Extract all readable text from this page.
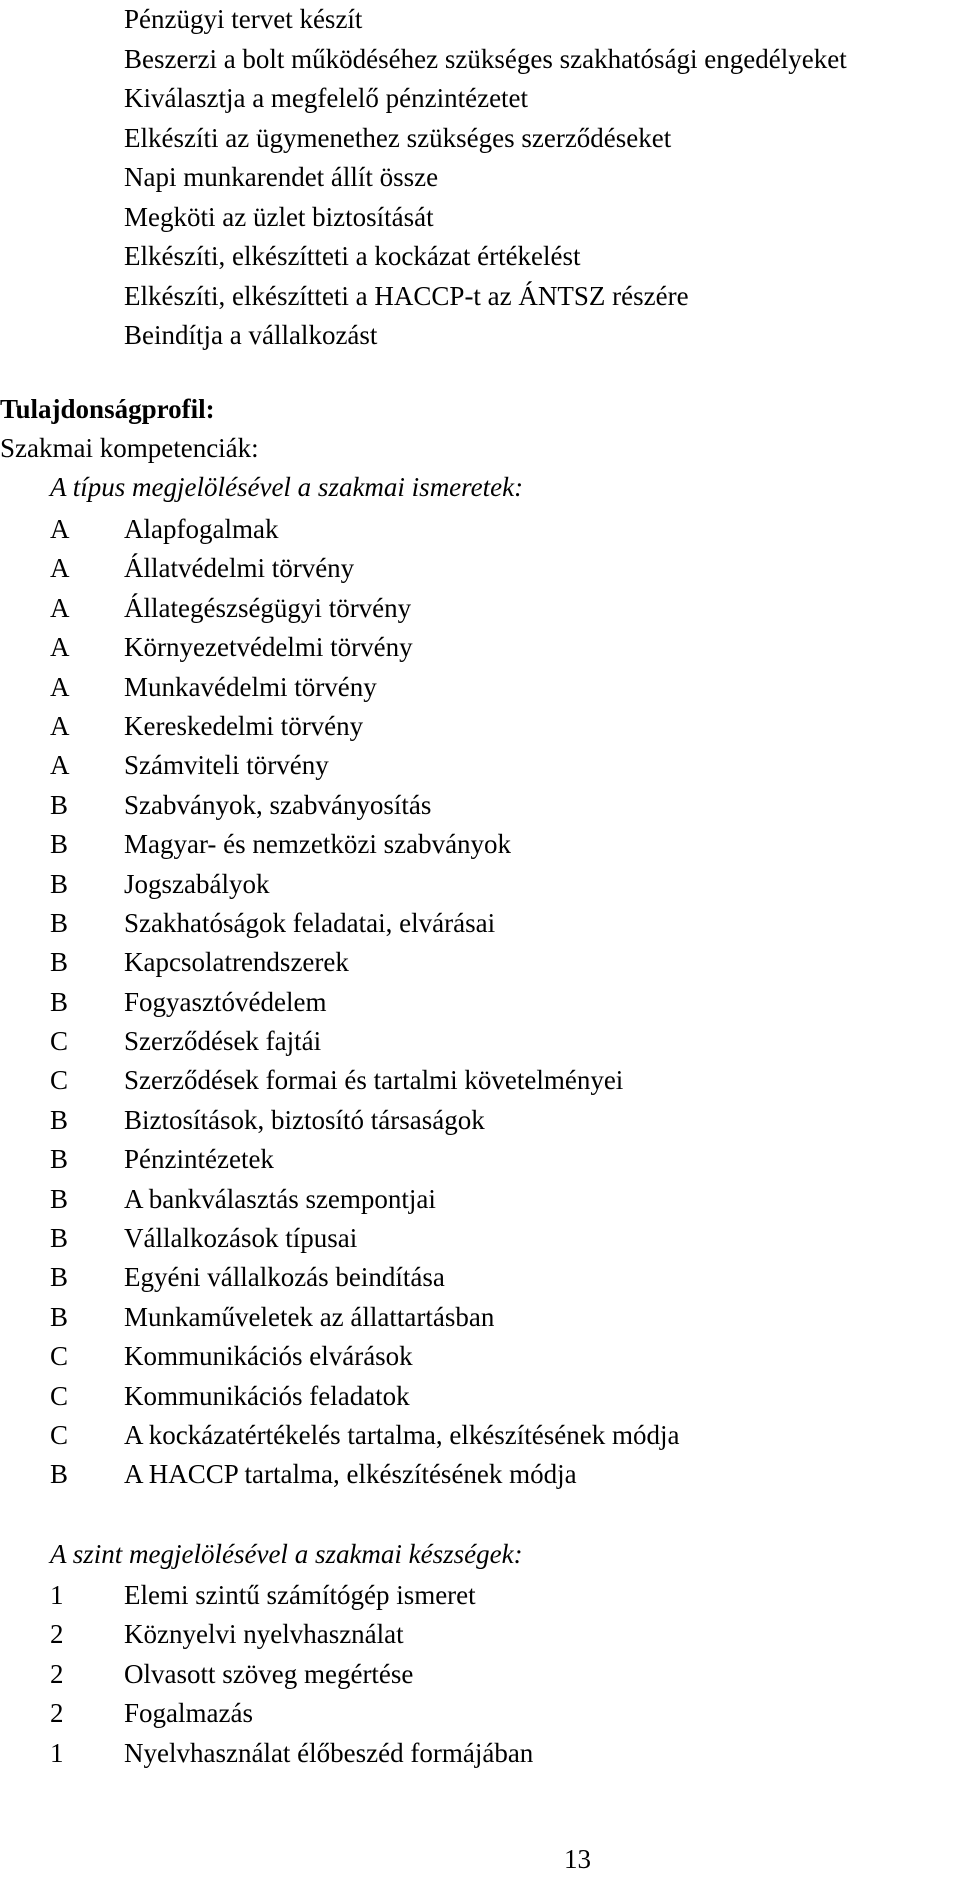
Pénzügyi tervet készít
Beszerzi a bolt működéséhez szükséges szakhatósági engedélyeket
Kiválasztja a megfelelő pénzintézetet
Elkészíti az ügymenethez szükséges szerződéseket
Napi munkarendet állít össze
Megköti az üzlet biztosítását
Elkészíti, elkészítteti a kockázat értékelést
Elkészíti, elkészítteti a HACCP-t az ÁNTSZ részére
Beindítja a vállalkozást
Tulajdonságprofil:

Szakmai kompetenciák:

A típus megjelölésével a szakmai ismeretek:

A	Alapfogalmak
A	Állatvédelmi törvény
A	Állategészségügyi törvény
A	Környezetvédelmi törvény
A	Munkavédelmi törvény
A	Kereskedelmi törvény
A	Számviteli törvény
B	Szabványok, szabványosítás
B	Magyar- és nemzetközi szabványok
B	Jogszabályok
B	Szakhatóságok feladatai, elvárásai
B	Kapcsolatrendszerek
B	Fogyasztóvédelem
C	Szerződések fajtái
C	Szerződések formai és tartalmi követelményei
B	Biztosítások, biztosító társaságok
B	Pénzintézetek
B	A bankválasztás szempontjai
B	Vállalkozások típusai
B	Egyéni vállalkozás beindítása
B	Munkaműveletek az állattartásban
C	Kommunikációs elvárások
C	Kommunikációs feladatok
C	A kockázatértékelés tartalma, elkészítésének módja
B	A HACCP tartalma, elkészítésének módja

A szint megjelölésével a szakmai készségek:

1	Elemi szintű számítógép ismeret
2	Köznyelvi nyelvhasználat
2	Olvasott szöveg megértése
2	Fogalmazás
1	Nyelvhasználat élőbeszéd formájában
13
